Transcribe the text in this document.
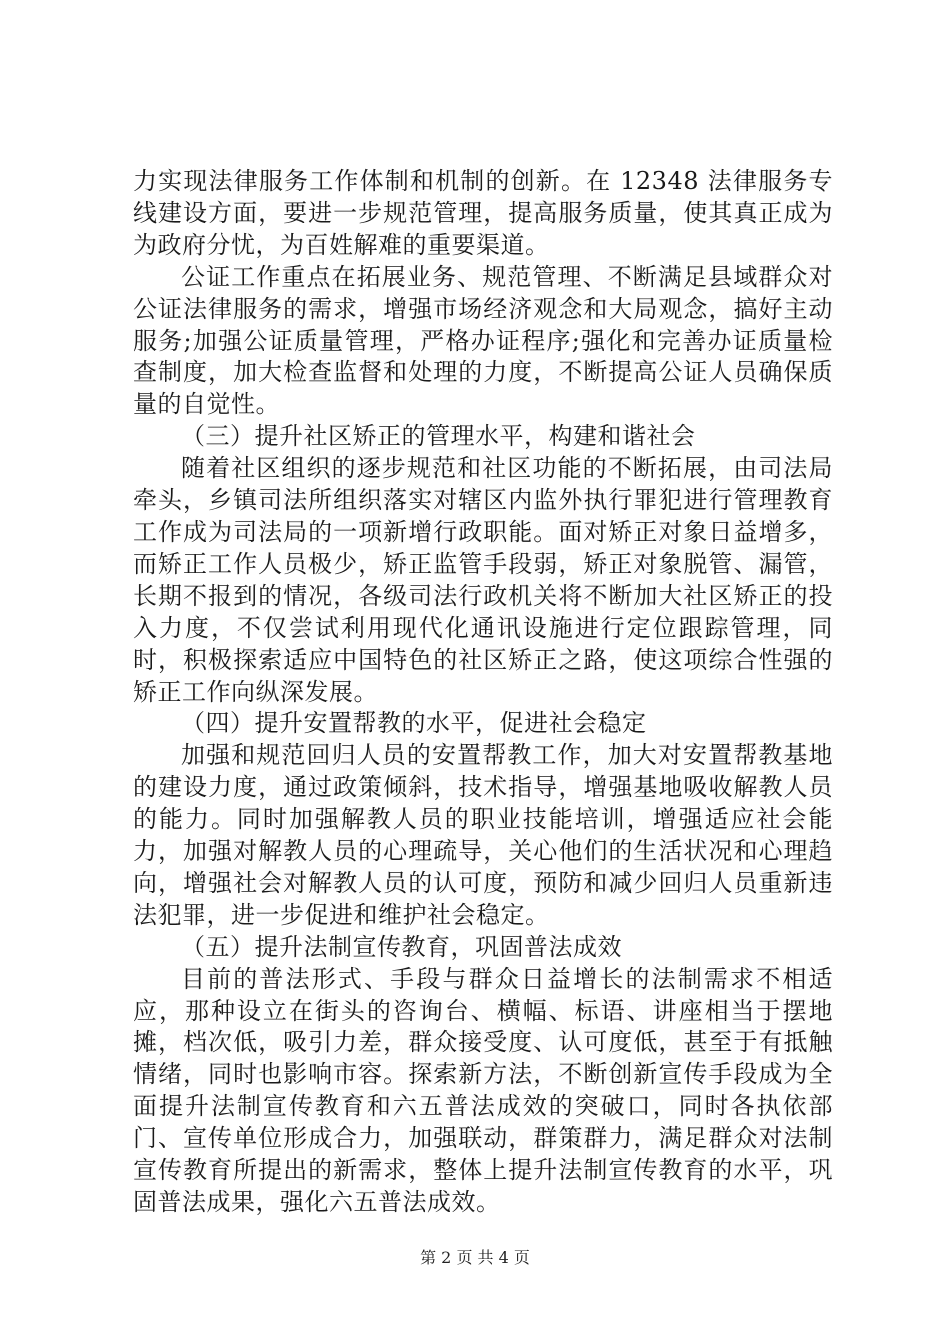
力实现法律服务工作体制和机制的创新。在 12348 法律服务专线建设方面，要进一步规范管理，提高服务质量，使其真正成为为政府分忧，为百姓解难的重要渠道。

公证工作重点在拓展业务、规范管理、不断满足县域群众对公证法律服务的需求，增强市场经济观念和大局观念，搞好主动服务;加强公证质量管理，严格办证程序;强化和完善办证质量检查制度，加大检查监督和处理的力度，不断提高公证人员确保质量的自觉性。

（三）提升社区矫正的管理水平，构建和谐社会

随着社区组织的逐步规范和社区功能的不断拓展，由司法局牵头，乡镇司法所组织落实对辖区内监外执行罪犯进行管理教育工作成为司法局的一项新增行政职能。面对矫正对象日益增多，而矫正工作人员极少，矫正监管手段弱，矫正对象脱管、漏管，长期不报到的情况，各级司法行政机关将不断加大社区矫正的投入力度，不仅尝试利用现代化通讯设施进行定位跟踪管理，同时，积极探索适应中国特色的社区矫正之路，使这项综合性强的矫正工作向纵深发展。

（四）提升安置帮教的水平，促进社会稳定

加强和规范回归人员的安置帮教工作，加大对安置帮教基地的建设力度，通过政策倾斜，技术指导，增强基地吸收解教人员的能力。同时加强解教人员的职业技能培训，增强适应社会能力，加强对解教人员的心理疏导，关心他们的生活状况和心理趋向，增强社会对解教人员的认可度，预防和减少回归人员重新违法犯罪，进一步促进和维护社会稳定。

（五）提升法制宣传教育，巩固普法成效

目前的普法形式、手段与群众日益增长的法制需求不相适应，那种设立在街头的咨询台、横幅、标语、讲座相当于摆地摊，档次低，吸引力差，群众接受度、认可度低，甚至于有抵触情绪，同时也影响市容。探索新方法，不断创新宣传手段成为全面提升法制宣传教育和六五普法成效的突破口，同时各执依部门、宣传单位形成合力，加强联动，群策群力，满足群众对法制宣传教育所提出的新需求，整体上提升法制宣传教育的水平，巩固普法成果，强化六五普法成效。

第 2 页 共 4 页
